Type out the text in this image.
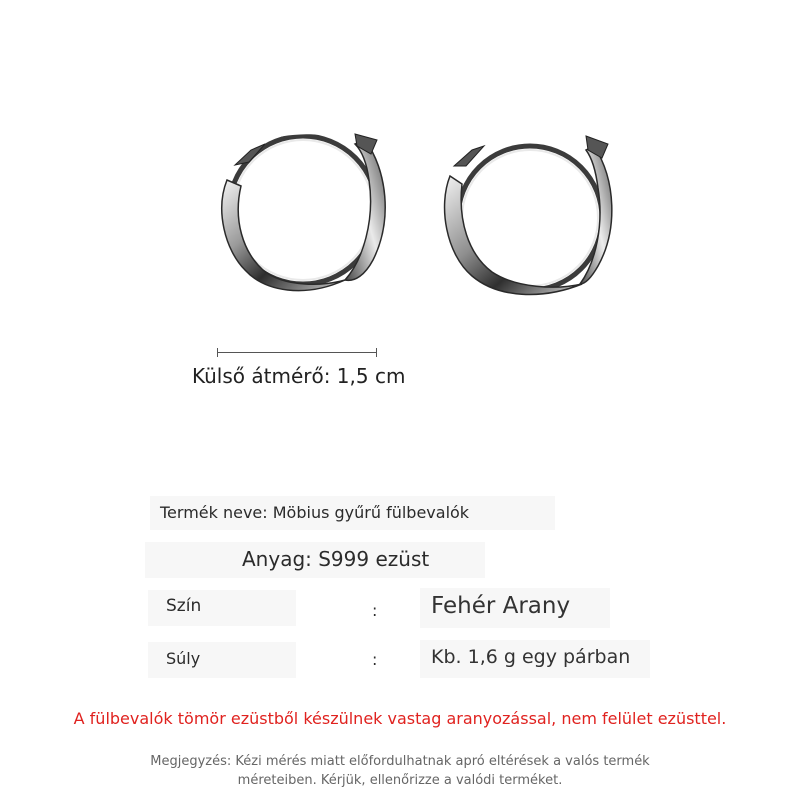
Külső átmérő: 1,5 cm
Termék neve: Möbius gyűrű fülbevalók
Anyag: S999 ezüst
Szín	: Fehér Arany
Súly	:	Kb. 1,6 g egy párban
A fülbevalók tömör ezüstből készülnek vastag aranyozással, nem felület ezüsttel.
Megjegyzés: Kézi mérés miatt előfordulhatnak apró eltérések a valós termék méreteiben. Kérjük, ellenőrizze a valódi terméket.
